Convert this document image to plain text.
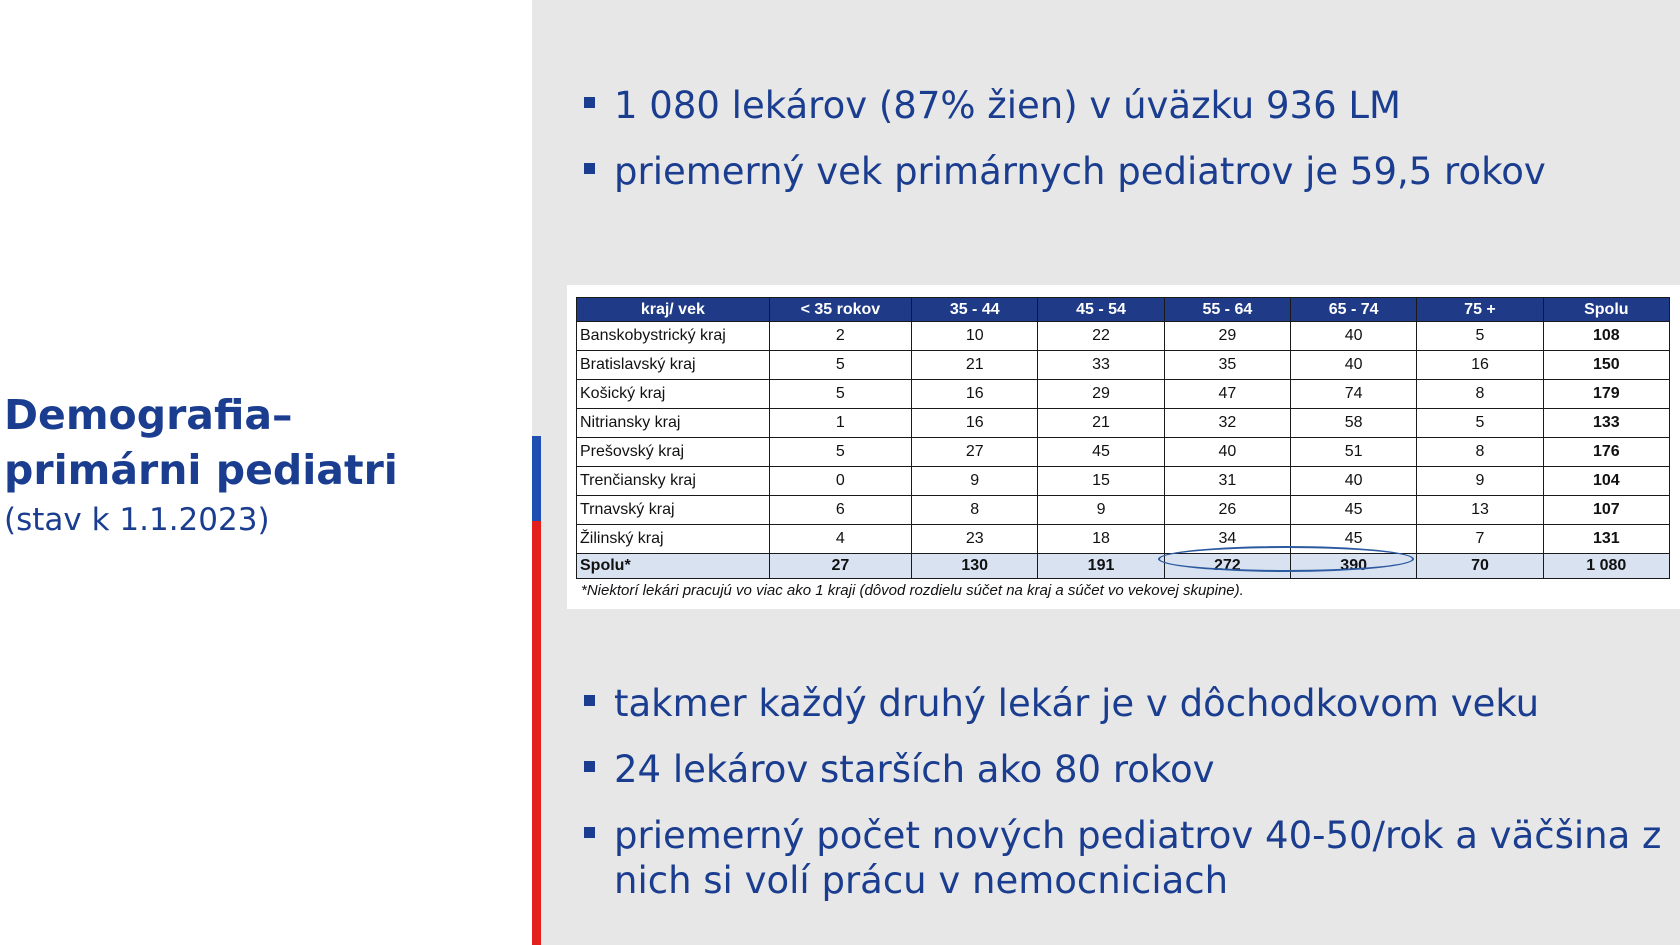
Demografia–
primárni pediatri
(stav k 1.1.2023)
1 080 lekárov (87% žien) v úväzku 936 LM
priemerný vek primárnych pediatrov je 59,5 rokov
kraj/ vek	< 35 rokov	35 - 44	45 - 54	55 - 64	65 - 74	75 +	Spolu
Banskobystrický kraj	2	10	22	29	40	5	108
Bratislavský kraj	5	21	33	35	40	16	150
Košický kraj	5	16	29	47	74	8	179
Nitriansky kraj	1	16	21	32	58	5	133
Prešovský kraj	5	27	45	40	51	8	176
Trenčiansky kraj	0	9	15	31	40	9	104
Trnavský kraj	6	8	9	26	45	13	107
Žilinský kraj	4	23	18	34	45	7	131
Spolu*	27	130	191	272	390	70	1 080
*Niektorí lekári pracujú vo viac ako 1 kraji (dôvod rozdielu súčet na kraj a súčet vo vekovej skupine).
takmer každý druhý lekár je v dôchodkovom veku
24 lekárov starších ako 80 rokov
priemerný počet nových pediatrov 40-50/rok a väčšina z nich si volí prácu v nemocniciach
